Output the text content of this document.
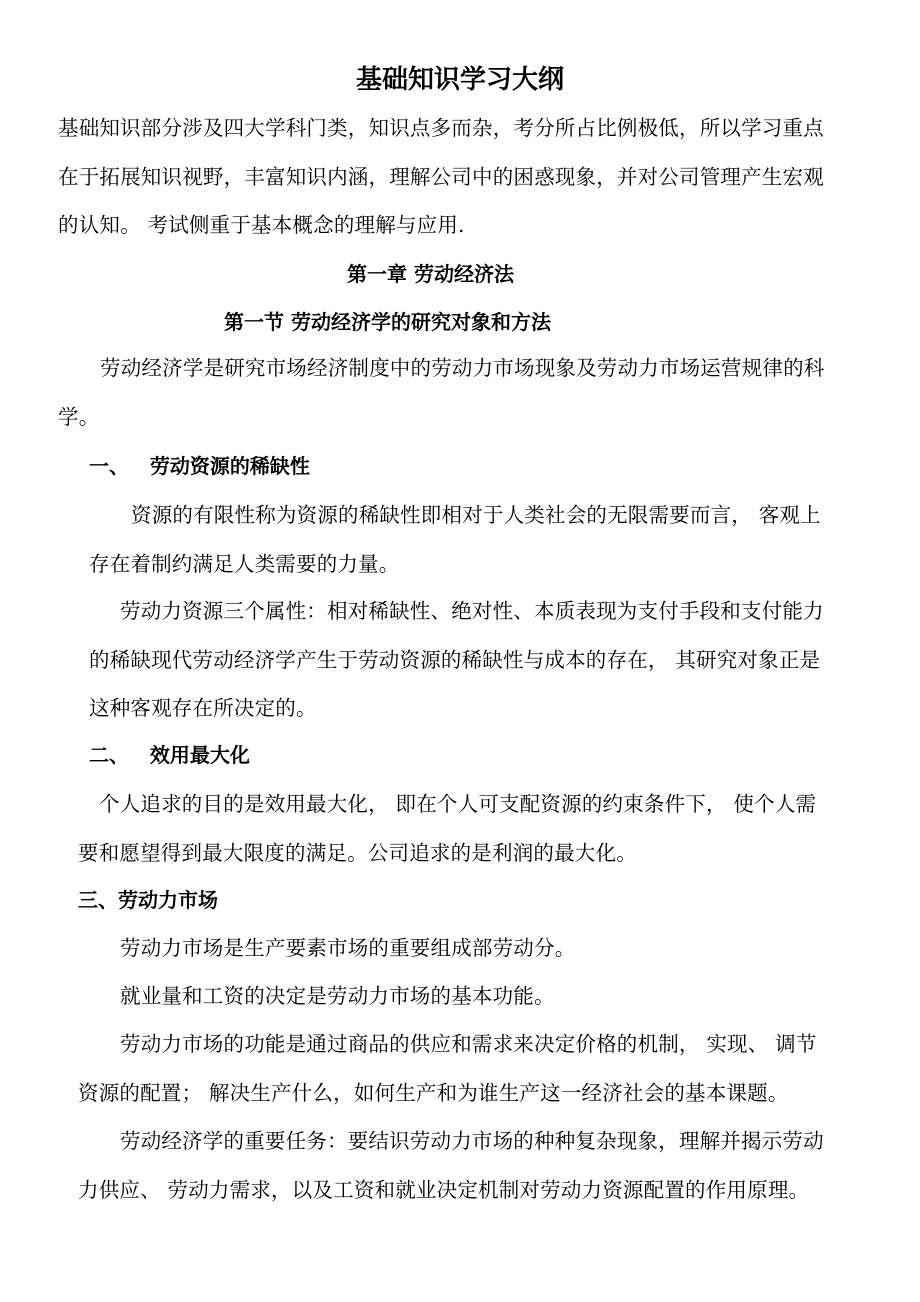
基础知识学习大纲
基础知识部分涉及四大学科门类，知识点多而杂，考分所占比例极低，所以学习重点
在于拓展知识视野，丰富知识内涵，理解公司中的困惑现象，并对公司管理产生宏观
的认知。 考试侧重于基本概念的理解与应用.
第一章 劳动经济法
第一节 劳动经济学的研究对象和方法
劳动经济学是研究市场经济制度中的劳动力市场现象及劳动力市场运营规律的科
学。
一、   劳动资源的稀缺性
资源的有限性称为资源的稀缺性即相对于人类社会的无限需要而言， 客观上
存在着制约满足人类需要的力量。
劳动力资源三个属性：相对稀缺性、绝对性、本质表现为支付手段和支付能力
的稀缺现代劳动经济学产生于劳动资源的稀缺性与成本的存在， 其研究对象正是
这种客观存在所决定的。
二、   效用最大化
个人追求的目的是效用最大化， 即在个人可支配资源的约束条件下， 使个人需
要和愿望得到最大限度的满足。公司追求的是利润的最大化。
三、劳动力市场
劳动力市场是生产要素市场的重要组成部劳动分。
就业量和工资的决定是劳动力市场的基本功能。
劳动力市场的功能是通过商品的供应和需求来决定价格的机制， 实现、 调节
资源的配置； 解决生产什么，如何生产和为谁生产这一经济社会的基本课题。
劳动经济学的重要任务：要结识劳动力市场的种种复杂现象，理解并揭示劳动
力供应、 劳动力需求，以及工资和就业决定机制对劳动力资源配置的作用原理。
